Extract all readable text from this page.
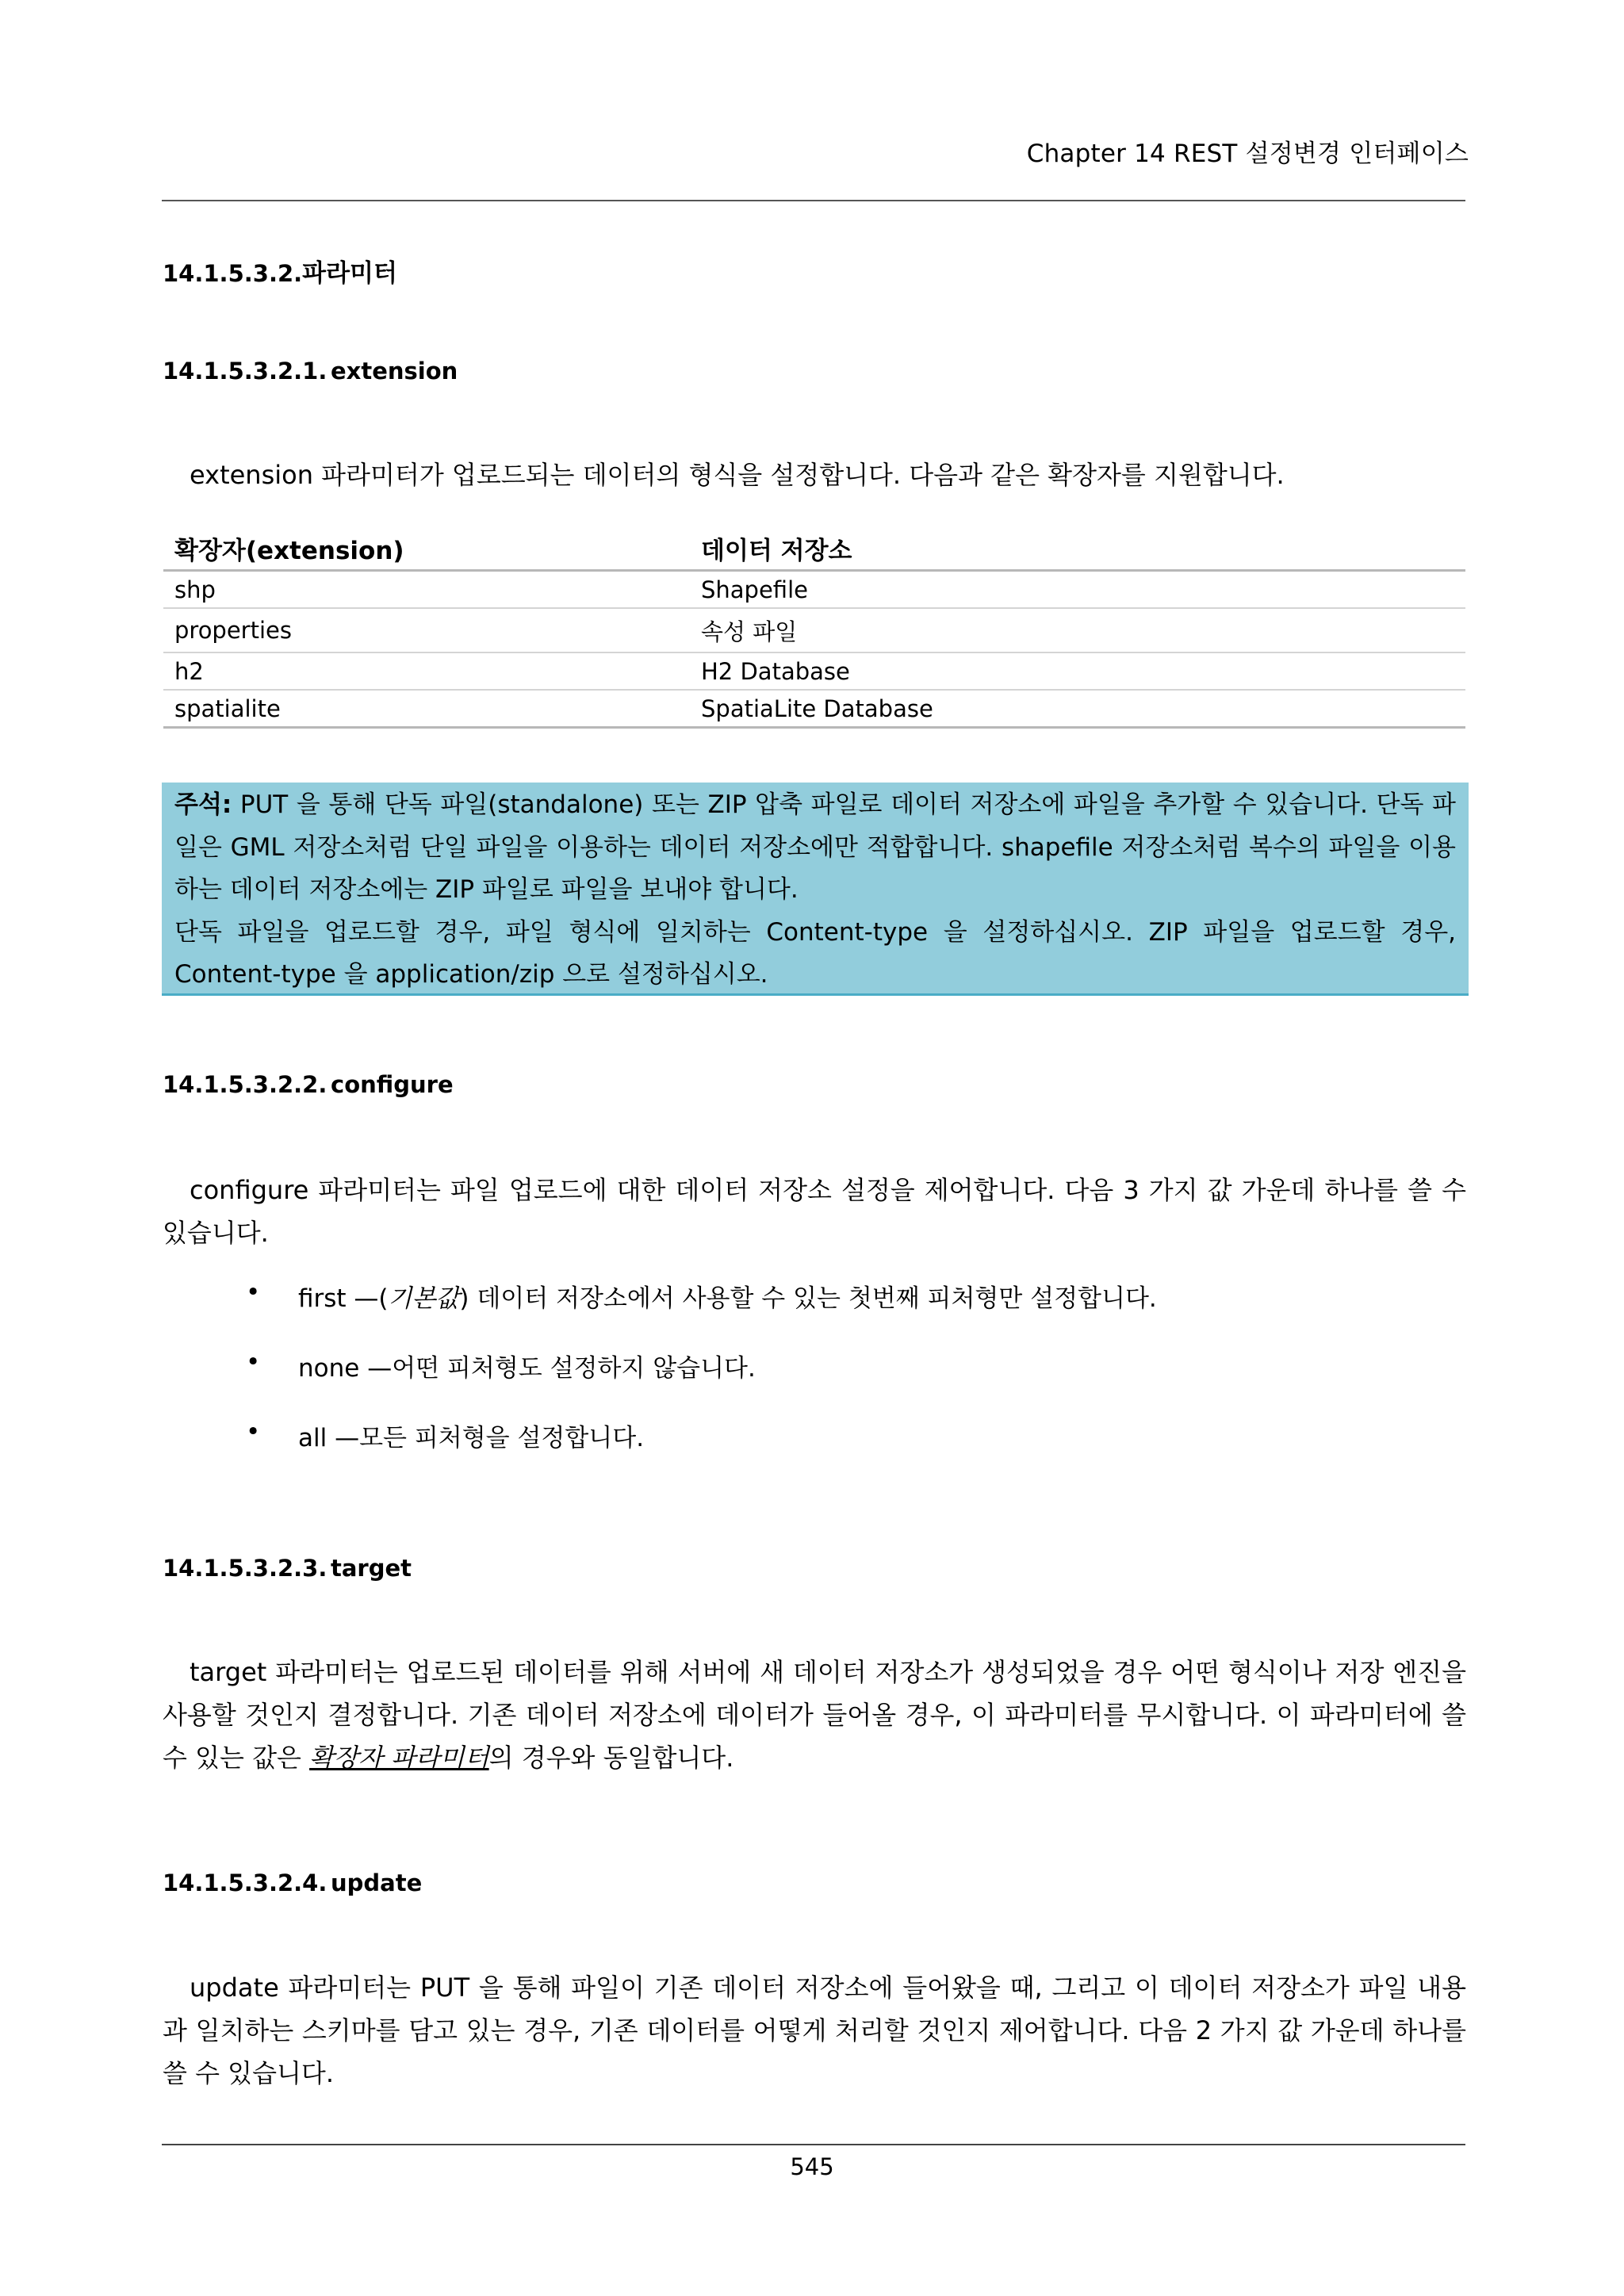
Chapter 14 REST 설정변경 인터페이스
14.1.5.3.2.파라미터
14.1.5.3.2.1. extension
extension 파라미터가 업로드되는 데이터의 형식을 설정합니다. 다음과 같은 확장자를 지원합니다.
확장자(extension)	데이터 저장소
shp	Shapefile
properties	속성 파일
h2	H2 Database
spatialite	SpatiaLite Database
주석: PUT 을 통해 단독 파일(standalone) 또는 ZIP 압축 파일로 데이터 저장소에 파일을 추가할 수 있습니다. 단독 파일은 GML 저장소처럼 단일 파일을 이용하는 데이터 저장소에만 적합합니다. shapefile 저장소처럼 복수의 파일을 이용하는 데이터 저장소에는 ZIP 파일로 파일을 보내야 합니다.
단독 파일을 업로드할 경우, 파일 형식에 일치하는 Content-type 을 설정하십시오. ZIP 파일을 업로드할 경우, Content-type 을 application/zip 으로 설정하십시오.
14.1.5.3.2.2. configure
configure 파라미터는 파일 업로드에 대한 데이터 저장소 설정을 제어합니다. 다음 3 가지 값 가운데 하나를 쓸 수 있습니다.
• first —(기본값) 데이터 저장소에서 사용할 수 있는 첫번째 피처형만 설정합니다.
• none —어떤 피처형도 설정하지 않습니다.
• all —모든 피처형을 설정합니다.
14.1.5.3.2.3. target
target 파라미터는 업로드된 데이터를 위해 서버에 새 데이터 저장소가 생성되었을 경우 어떤 형식이나 저장 엔진을 사용할 것인지 결정합니다. 기존 데이터 저장소에 데이터가 들어올 경우, 이 파라미터를 무시합니다. 이 파라미터에 쓸 수 있는 값은 확장자 파라미터의 경우와 동일합니다.
14.1.5.3.2.4. update
update 파라미터는 PUT 을 통해 파일이 기존 데이터 저장소에 들어왔을 때, 그리고 이 데이터 저장소가 파일 내용과 일치하는 스키마를 담고 있는 경우, 기존 데이터를 어떻게 처리할 것인지 제어합니다. 다음 2 가지 값 가운데 하나를 쓸 수 있습니다.
545
